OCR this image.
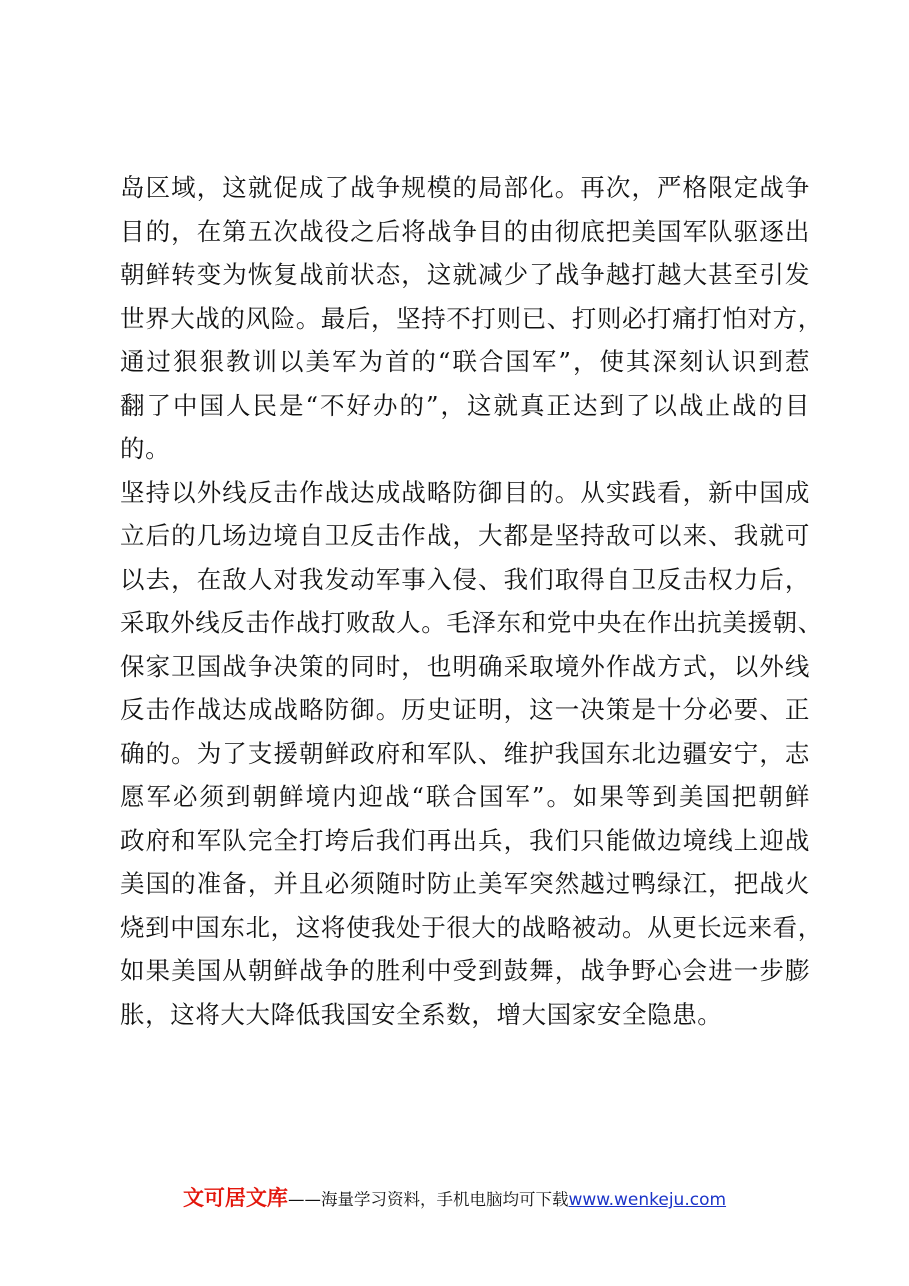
岛区域，这就促成了战争规模的局部化。再次，严格限定战争
目的，在第五次战役之后将战争目的由彻底把美国军队驱逐出
朝鲜转变为恢复战前状态，这就减少了战争越打越大甚至引发
世界大战的风险。最后，坚持不打则已、打则必打痛打怕对方，
通过狠狠教训以美军为首的“联合国军”，使其深刻认识到惹
翻了中国人民是“不好办的”，这就真正达到了以战止战的目
的。
坚持以外线反击作战达成战略防御目的。从实践看，新中国成
立后的几场边境自卫反击作战，大都是坚持敌可以来、我就可
以去，在敌人对我发动军事入侵、我们取得自卫反击权力后，
采取外线反击作战打败敌人。毛泽东和党中央在作出抗美援朝、
保家卫国战争决策的同时，也明确采取境外作战方式，以外线
反击作战达成战略防御。历史证明，这一决策是十分必要、正
确的。为了支援朝鲜政府和军队、维护我国东北边疆安宁，志
愿军必须到朝鲜境内迎战“联合国军”。如果等到美国把朝鲜
政府和军队完全打垮后我们再出兵，我们只能做边境线上迎战
美国的准备，并且必须随时防止美军突然越过鸭绿江，把战火
烧到中国东北，这将使我处于很大的战略被动。从更长远来看，
如果美国从朝鲜战争的胜利中受到鼓舞，战争野心会进一步膨
胀，这将大大降低我国安全系数，增大国家安全隐患。
文可居文库——海量学习资料，手机电脑均可下载www.wenkeju.com
